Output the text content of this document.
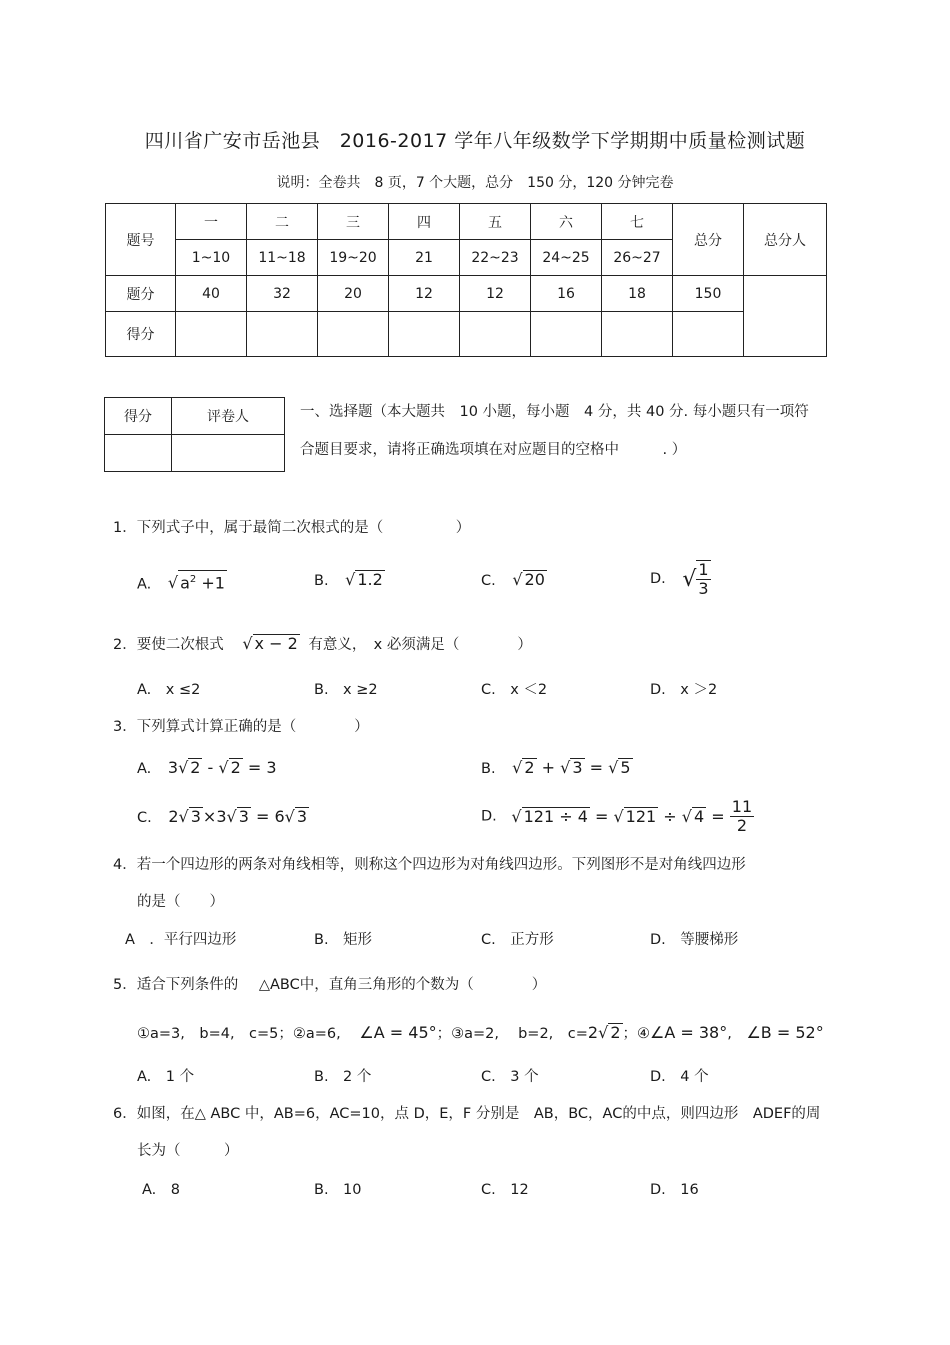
四川省广安市岳池县　2016-2017 学年八年级数学下学期期中质量检测试题
说明：全卷共　8 页，7 个大题，总分　150 分，120 分钟完卷
题号	一	二	三	四	五	六	七	总分	总分人
	1~10	11~18	19~20	21	22~23	24~25	26~27		
题分	40	32	20	12	12	16	18	150	
得分									
得分	评卷人
		一、选择题（本大题共　10 小题，每小题　4 分，共 40 分. 每小题只有一项符
合题目要求，请将正确选项填在对应题目的空格中　　　. ）
1．下列式子中，属于最简二次根式的是（　　　　　）
A. √ $a^2 +1$	B. √ 1.2	C. √ 20	D. √ $\frac{1}{3}$
2．要使二次根式 √ x − 2 有意义，　x 必须满足（　　　　）
A.　x ≤2	B.　x ≥2	C.　x ＜2	D.　x ＞2
3．下列算式计算正确的是（　　　　）
A. 3√ 2 - √ 2 = 3	B. √ 2 + √ 3 = √ 5
C. 2√ 3 ×3√ 3 = 6√ 3	D. √ 121 ÷ 4 = √ 121 ÷ √ $4 = \frac{11}{2}$
4．若一个四边形的两条对角线相等，则称这个四边形为对角线四边形。下列图形不是对角线四边形
的是（　　）
A　．平行四边形	B.　矩形	C.　正方形	D.　等腰梯形
5．适合下列条件的 △ABC中，直角三角形的个数为（　　　　）
①a=3,　b=4,　c=5；②a=6, ∠A = 45°；③a=2,　 b=2,　c=2√ 2 ；④∠A = 38°, ∠B = 52°
A.　1 个	B.　2 个	C.　3 个	D.　4 个
6．如图，在△ ABC 中，AB=6，AC=10，点 D，E，F 分别是　AB，BC，AC的中点，则四边形　ADEF的周
长为（　　　）
A.　8	B.　10	C.　12	D.　16
